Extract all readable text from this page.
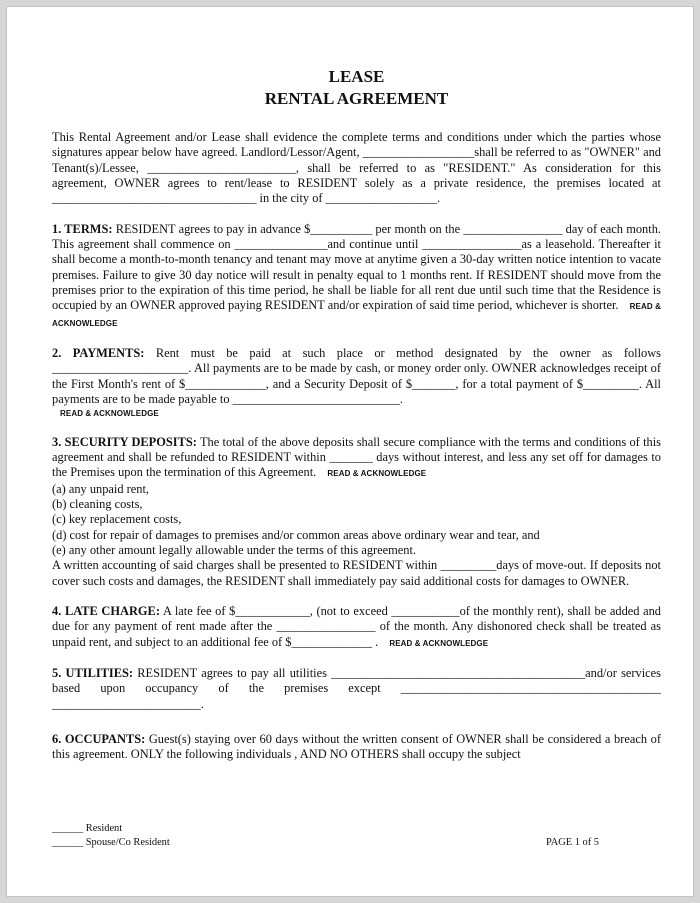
LEASE
RENTAL AGREEMENT

This Rental Agreement and/or Lease shall evidence the complete terms and conditions under which the parties whose signatures appear below have agreed. Landlord/Lessor/Agent, __________________shall be referred to as "OWNER" and Tenant(s)/Lessee, ________________________, shall be referred to as "RESIDENT." As consideration for this agreement, OWNER agrees to rent/lease to RESIDENT solely as a private residence, the premises located at _________________________________ in the city of __________________.

1. TERMS: RESIDENT agrees to pay in advance $__________ per month on the ________________ day of each month. This agreement shall commence on _______________and continue until ________________as a leasehold. Thereafter it shall become a month-to-month tenancy and tenant may move at anytime given a 30-day written notice intention to vacate premises. Failure to give 30 day notice will result in penalty equal to 1 months rent. If RESIDENT should move from the premises prior to the expiration of this time period, he shall be liable for all rent due until such time that the Residence is occupied by an OWNER approved paying RESIDENT and/or expiration of said time period, whichever is shorter. READ & ACKNOWLEDGE

2. PAYMENTS: Rent must be paid at such place or method designated by the owner as follows ______________________. All payments are to be made by cash, or money order only. OWNER acknowledges receipt of the First Month's rent of $_____________, and a Security Deposit of $_______, for a total payment of $_________. All payments are to be made payable to ___________________________.
READ & ACKNOWLEDGE

3. SECURITY DEPOSITS: The total of the above deposits shall secure compliance with the terms and conditions of this agreement and shall be refunded to RESIDENT within _______ days without interest, and less any set off for damages to the Premises upon the termination of this Agreement. READ & ACKNOWLEDGE
(a) any unpaid rent,
(b) cleaning costs,
(c) key replacement costs,
(d) cost for repair of damages to premises and/or common areas above ordinary wear and tear, and
(e) any other amount legally allowable under the terms of this agreement.
A written accounting of said charges shall be presented to RESIDENT within _________days of move-out. If deposits not cover such costs and damages, the RESIDENT shall immediately pay said additional costs for damages to OWNER.

4. LATE CHARGE: A late fee of $____________, (not to exceed ___________of the monthly rent), shall be added and due for any payment of rent made after the ________________ of the month. Any dishonored check shall be treated as unpaid rent, and subject to an additional fee of $_____________ . READ & ACKNOWLEDGE

5. UTILITIES: RESIDENT agrees to pay all utilities _________________________________________and/or services based upon occupancy of the premises except __________________________________________ ________________________.

6. OCCUPANTS: Guest(s) staying over 60 days without the written consent of OWNER shall be considered a breach of this agreement. ONLY the following individuals , AND NO OTHERS shall occupy the subject

______ Resident
______ Spouse/Co Resident	PAGE 1 of 5
